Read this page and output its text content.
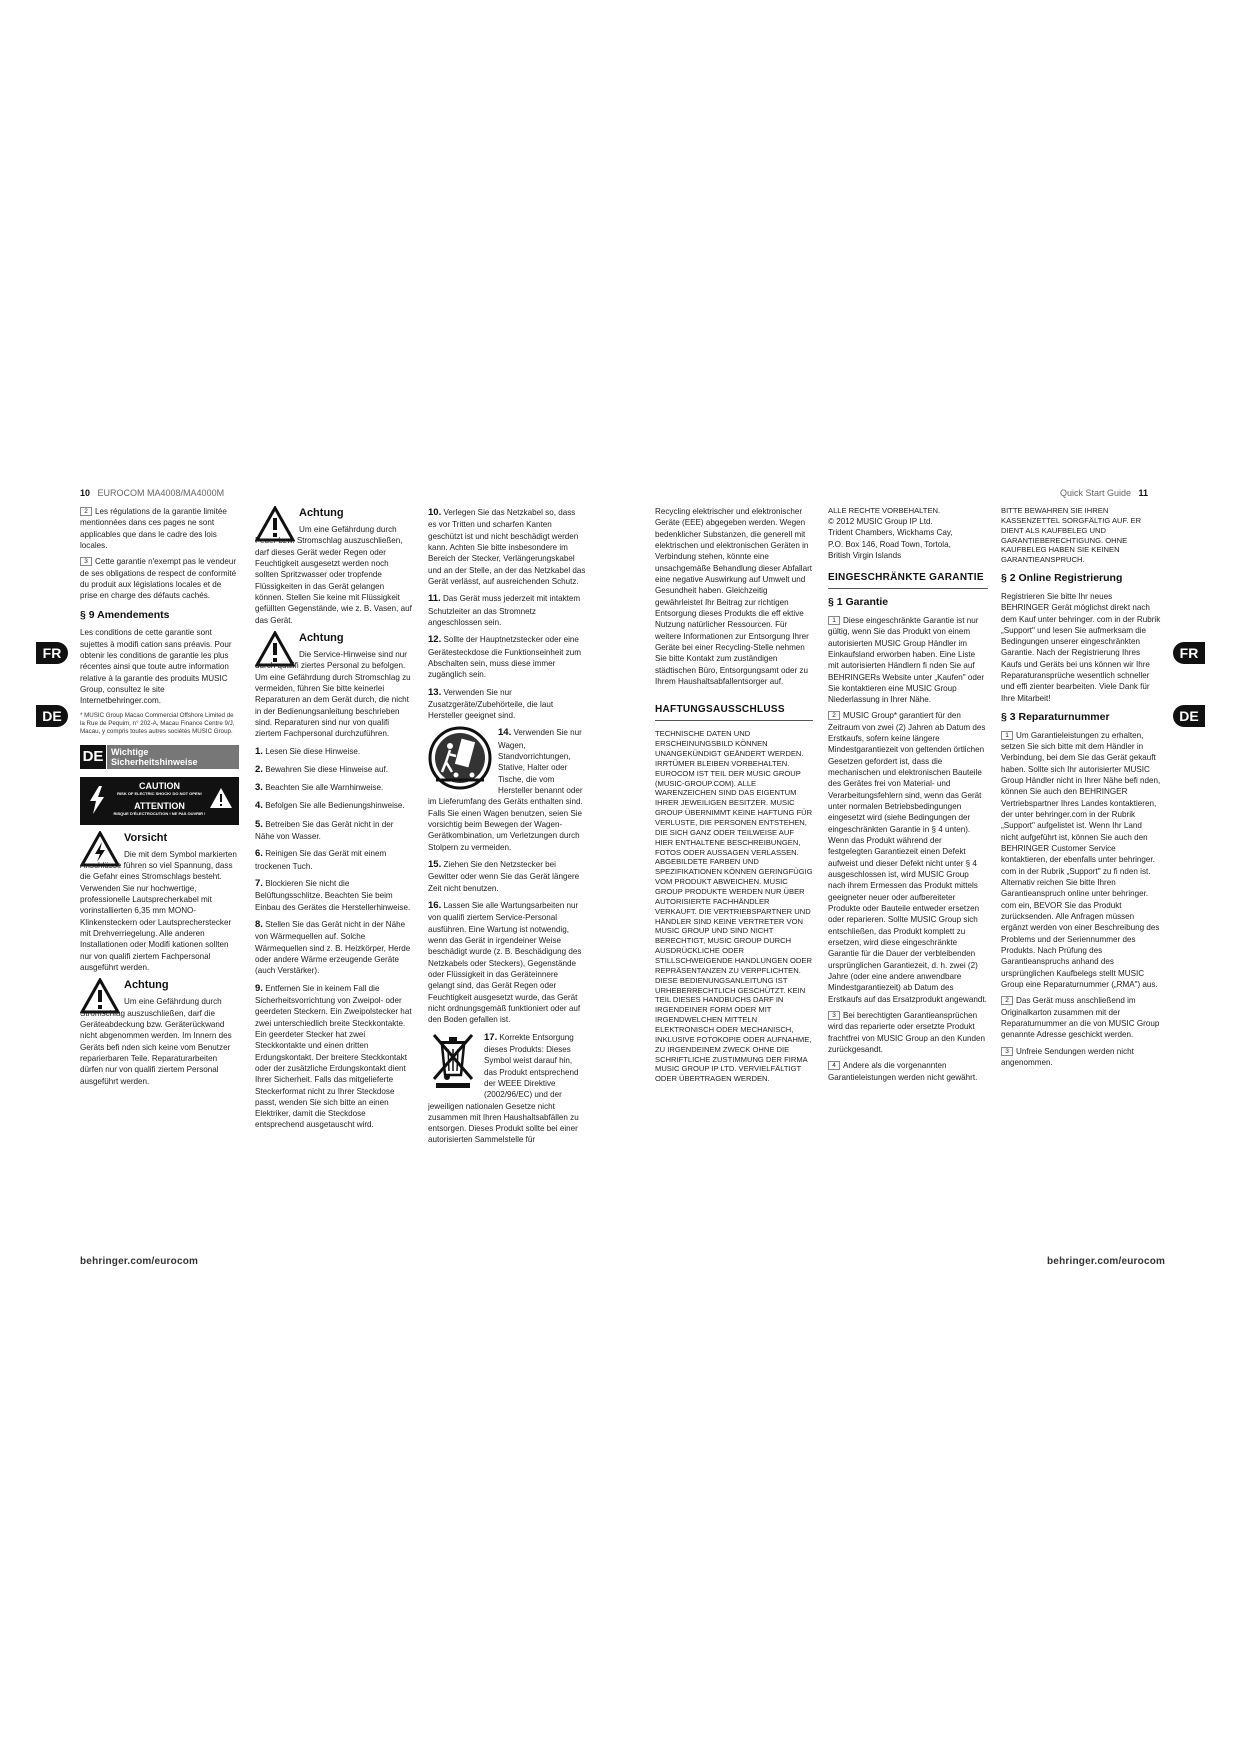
10 EUROCOM MA4008/MA4000M	Quick Start Guide 11
FR
DE
FR
DE

2 Les régulations de la garantie limitée mentionnées dans ces pages ne sont applicables que dans le cadre des lois locales.

3 Cette garantie n'exempt pas le vendeur de ses obligations de respect de conformité du produit aux législations locales et de prise en charge des défauts cachés.

§ 9 Amendements

Les conditions de cette garantie sont sujettes à modifi cation sans préavis. Pour obtenir les conditions de garantie les plus récentes ainsi que toute autre information relative à la garantie des produits MUSIC Group, consultez le site Internetbehringer.com.

* MUSIC Group Macao Commercial Offshore Limited de la Rue de Pequim, n° 202-A, Macau Finance Centre 9/J, Macau, y compris toutes autres sociétés MUSIC Group.

DE Wichtige Sicherheitshinweise
CAUTION
RISK OF ELECTRIC SHOCK! DO NOT OPEN!
ATTENTION
RISQUE D'ÉLECTROCUTION ! NE PAS OUVRIR !
Vorsicht

Die mit dem Symbol markierten Anschlüsse führen so viel Spannung, dass die Gefahr eines Stromschlags besteht. Verwenden Sie nur hochwertige, professionelle Lautsprecherkabel mit vorinstallierten 6,35 mm MONO-Klinkensteckern oder Lautsprecherstecker mit Drehverriegelung. Alle anderen Installationen oder Modifi kationen sollten nur von qualifi ziertem Fachpersonal ausgeführt werden.

Achtung

Um eine Gefährdung durch Stromschlag auszuschließen, darf die Geräteabdeckung bzw. Geräterückwand nicht abgenommen werden. Im Innern des Geräts befi nden sich keine vom Benutzer reparierbaren Teile. Reparaturarbeiten dürfen nur von qualifi ziertem Personal ausgeführt werden.

Achtung

Um eine Gefährdung durch Feuer bzw. Stromschlag auszuschließen, darf dieses Gerät weder Regen oder Feuchtigkeit ausgesetzt werden noch sollten Spritzwasser oder tropfende Flüssigkeiten in das Gerät gelangen können. Stellen Sie keine mit Flüssigkeit gefüllten Gegenstände, wie z. B. Vasen, auf das Gerät.

Achtung

Die Service-Hinweise sind nur durch qualifi ziertes Personal zu befolgen. Um eine Gefährdung durch Stromschlag zu vermeiden, führen Sie bitte keinerlei Reparaturen an dem Gerät durch, die nicht in der Bedienungsanleitung beschrieben sind. Reparaturen sind nur von qualifi ziertem Fachpersonal durchzuführen.

1. Lesen Sie diese Hinweise.

2. Bewahren Sie diese Hinweise auf.

3. Beachten Sie alle Warnhinweise.

4. Befolgen Sie alle Bedienungshinweise.

5. Betreiben Sie das Gerät nicht in der Nähe von Wasser.

6. Reinigen Sie das Gerät mit einem trockenen Tuch.

7. Blockieren Sie nicht die Belüftungsschlitze. Beachten Sie beim Einbau des Gerätes die Herstellerhinweise.

8. Stellen Sie das Gerät nicht in der Nähe von Wärmequellen auf. Solche Wärmequellen sind z. B. Heizkörper, Herde oder andere Wärme erzeugende Geräte (auch Verstärker).

9. Entfernen Sie in keinem Fall die Sicherheitsvorrichtung von Zweipol- oder geerdeten Steckern. Ein Zweipolstecker hat zwei unterschiedlich breite Steckkontakte. Ein geerdeter Stecker hat zwei Steckkontakte und einen dritten Erdungskontakt. Der breitere Steckkontakt oder der zusätzliche Erdungskontakt dient Ihrer Sicherheit. Falls das mitgelieferte Steckerformat nicht zu Ihrer Steckdose passt, wenden Sie sich bitte an einen Elektriker, damit die Steckdose entsprechend ausgetauscht wird.

10. Verlegen Sie das Netzkabel so, dass es vor Tritten und scharfen Kanten geschützt ist und nicht beschädigt werden kann. Achten Sie bitte insbesondere im Bereich der Stecker, Verlängerungskabel und an der Stelle, an der das Netzkabel das Gerät verlässt, auf ausreichenden Schutz.

11. Das Gerät muss jederzeit mit intaktem Schutzleiter an das Stromnetz angeschlossen sein.

12. Sollte der Hauptnetzstecker oder eine Gerätesteckdose die Funktionseinheit zum Abschalten sein, muss diese immer zugänglich sein.

13. Verwenden Sie nur Zusatzgeräte/Zubehörteile, die laut Hersteller geeignet sind.

14. Verwenden Sie nur Wagen, Standvorrichtungen, Stative, Halter oder Tische, die vom Hersteller benannt oder im Lieferumfang des Geräts enthalten sind. Falls Sie einen Wagen benutzen, seien Sie vorsichtig beim Bewegen der Wagen-Gerätkombination, um Verletzungen durch Stolpern zu vermeiden.

15. Ziehen Sie den Netzstecker bei Gewitter oder wenn Sie das Gerät längere Zeit nicht benutzen.

16. Lassen Sie alle Wartungsarbeiten nur von qualifi ziertem Service-Personal ausführen. Eine Wartung ist notwendig, wenn das Gerät in irgendeiner Weise beschädigt wurde (z. B. Beschädigung des Netzkabels oder Steckers), Gegenstände oder Flüssigkeit in das Geräteinnere gelangt sind, das Gerät Regen oder Feuchtigkeit ausgesetzt wurde, das Gerät nicht ordnungsgemäß funktioniert oder auf den Boden gefallen ist.

17. Korrekte Entsorgung dieses Produkts: Dieses Symbol weist darauf hin, das Produkt entsprechend der WEEE Direktive (2002/96/EC) und der jeweiligen nationalen Gesetze nicht zusammen mit Ihren Haushaltsabfällen zu entsorgen. Dieses Produkt sollte bei einer autorisierten Sammelstelle für

Recycling elektrischer und elektronischer Geräte (EEE) abgegeben werden. Wegen bedenklicher Substanzen, die generell mit elektrischen und elektronischen Geräten in Verbindung stehen, könnte eine unsachgemäße Behandlung dieser Abfallart eine negative Auswirkung auf Umwelt und Gesundheit haben. Gleichzeitig gewährleistet Ihr Beitrag zur richtigen Entsorgung dieses Produkts die eff ektive Nutzung natürlicher Ressourcen. Für weitere Informationen zur Entsorgung Ihrer Geräte bei einer Recycling-Stelle nehmen Sie bitte Kontakt zum zuständigen städtischen Büro, Entsorgungsamt oder zu Ihrem Haushaltsabfallentsorger auf.

HAFTUNGSAUSSCHLUSS

TECHNISCHE DATEN UND ERSCHEINUNGSBILD KÖNNEN UNANGEKÜNDIGT GEÄNDERT WERDEN. IRRTÜMER BLEIBEN VORBEHALTEN. EUROCOM IST TEIL DER MUSIC GROUP (MUSIC-GROUP.COM). ALLE WARENZEICHEN SIND DAS EIGENTUM IHRER JEWEILIGEN BESITZER. MUSIC GROUP ÜBERNIMMT KEINE HAFTUNG FÜR VERLUSTE, DIE PERSONEN ENTSTEHEN, DIE SICH GANZ ODER TEILWEISE AUF HIER ENTHALTENE BESCHREIBUNGEN, FOTOS ODER AUSSAGEN VERLASSEN. ABGEBILDETE FARBEN UND SPEZIFIKATIONEN KÖNNEN GERINGFÜGIG VOM PRODUKT ABWEICHEN. MUSIC GROUP PRODUKTE WERDEN NUR ÜBER AUTORISIERTE FACHHÄNDLER VERKAUFT. DIE VERTRIEBSPARTNER UND HÄNDLER SIND KEINE VERTRETER VON MUSIC GROUP UND SIND NICHT BERECHTIGT, MUSIC GROUP DURCH AUSDRÜCKLICHE ODER STILLSCHWEIGENDE HANDLUNGEN ODER REPRÄSENTANZEN ZU VERPFLICHTEN. DIESE BEDIENUNGSANLEITUNG IST URHEBERRECHTLICH GESCHÜTZT. KEIN TEIL DIESES HANDBUCHS DARF IN IRGENDEINER FORM ODER MIT IRGENDWELCHEN MITTELN ELEKTRONISCH ODER MECHANISCH, INKLUSIVE FOTOKOPIE ODER AUFNAHME, ZU IRGENDEINEM ZWECK OHNE DIE SCHRIFTLICHE ZUSTIMMUNG DER FIRMA MUSIC GROUP IP LTD. VERVIELFÄLTIGT ODER ÜBERTRAGEN WERDEN.

ALLE RECHTE VORBEHALTEN.
© 2012 MUSIC Group IP Ltd.
Trident Chambers, Wickhams Cay,
P.O. Box 146, Road Town, Tortola,
British Virgin Islands
EINGESCHRÄNKTE GARANTIE
§ 1 Garantie

1 Diese eingeschränkte Garantie ist nur gültig, wenn Sie das Produkt von einem autorisierten MUSIC Group Händler im Einkaufsland erworben haben. Eine Liste mit autorisierten Händlern fi nden Sie auf BEHRINGERs Website unter „Kaufen" oder Sie kontaktieren eine MUSIC Group Niederlassung in Ihrer Nähe.

2 MUSIC Group* garantiert für den Zeitraum von zwei (2) Jahren ab Datum des Erstkaufs, sofern keine längere Mindestgarantiezeit von geltenden örtlichen Gesetzen gefordert ist, dass die mechanischen und elektronischen Bauteile des Gerätes frei von Material- und Verarbeitungsfehlern sind, wenn das Gerät unter normalen Betriebsbedingungen eingesetzt wird (siehe Bedingungen der eingeschränkten Garantie in § 4 unten). Wenn das Produkt während der festgelegten Garantiezeit einen Defekt aufweist und dieser Defekt nicht unter § 4 ausgeschlossen ist, wird MUSIC Group nach ihrem Ermessen das Produkt mittels geeigneter neuer oder aufbereiteter Produkte oder Bauteile entweder ersetzen oder reparieren. Sollte MUSIC Group sich entschließen, das Produkt komplett zu ersetzen, wird diese eingeschränkte Garantie für die Dauer der verbleibenden ursprünglichen Garantiezeit, d. h. zwei (2) Jahre (oder eine andere anwendbare Mindestgarantiezeit) ab Datum des Erstkaufs auf das Ersatzprodukt angewandt.

3 Bei berechtigten Garantieansprüchen wird das reparierte oder ersetzte Produkt frachtfrei von MUSIC Group an den Kunden zurückgesandt.

4 Andere als die vorgenannten Garantieleistungen werden nicht gewährt.

BITTE BEWAHREN SIE IHREN KASSENZETTEL SORGFÄLTIG AUF. ER DIENT ALS KAUFBELEG UND GARANTIEBERECHTIGUNG. OHNE KAUFBELEG HABEN SIE KEINEN GARANTIEANSPRUCH.

§ 2 Online Registrierung

Registrieren Sie bitte Ihr neues BEHRINGER Gerät möglichst direkt nach dem Kauf unter behringer. com in der Rubrik „Support" und lesen Sie aufmerksam die Bedingungen unserer eingeschränkten Garantie. Nach der Registrierung Ihres Kaufs und Geräts bei uns können wir Ihre Reparaturansprüche wesentlich schneller und effi zienter bearbeiten. Viele Dank für Ihre Mitarbeit!

§ 3 Reparaturnummer

1 Um Garantieleistungen zu erhalten, setzen Sie sich bitte mit dem Händler in Verbindung, bei dem Sie das Gerät gekauft haben. Sollte sich Ihr autorisierter MUSIC Group Händler nicht in Ihrer Nähe befi nden, können Sie auch den BEHRINGER Vertriebspartner Ihres Landes kontaktieren, der unter behringer.com in der Rubrik „Support" aufgelistet ist. Wenn Ihr Land nicht aufgeführt ist, können Sie auch den BEHRINGER Customer Service kontaktieren, der ebenfalls unter behringer. com in der Rubrik „Support" zu fi nden ist. Alternativ reichen Sie bitte Ihren Garantieanspruch online unter behringer. com ein, BEVOR Sie das Produkt zurücksenden. Alle Anfragen müssen ergänzt werden von einer Beschreibung des Problems und der Seriennummer des Produkts. Nach Prüfung des Garantieanspruchs anhand des ursprünglichen Kaufbelegs stellt MUSIC Group eine Reparaturnummer („RMA") aus.

2 Das Gerät muss anschließend im Originalkarton zusammen mit der Reparaturnummer an die von MUSIC Group genannte Adresse geschickt werden.

3 Unfreie Sendungen werden nicht angenommen.

behringer.com/eurocom	behringer.com/eurocom
